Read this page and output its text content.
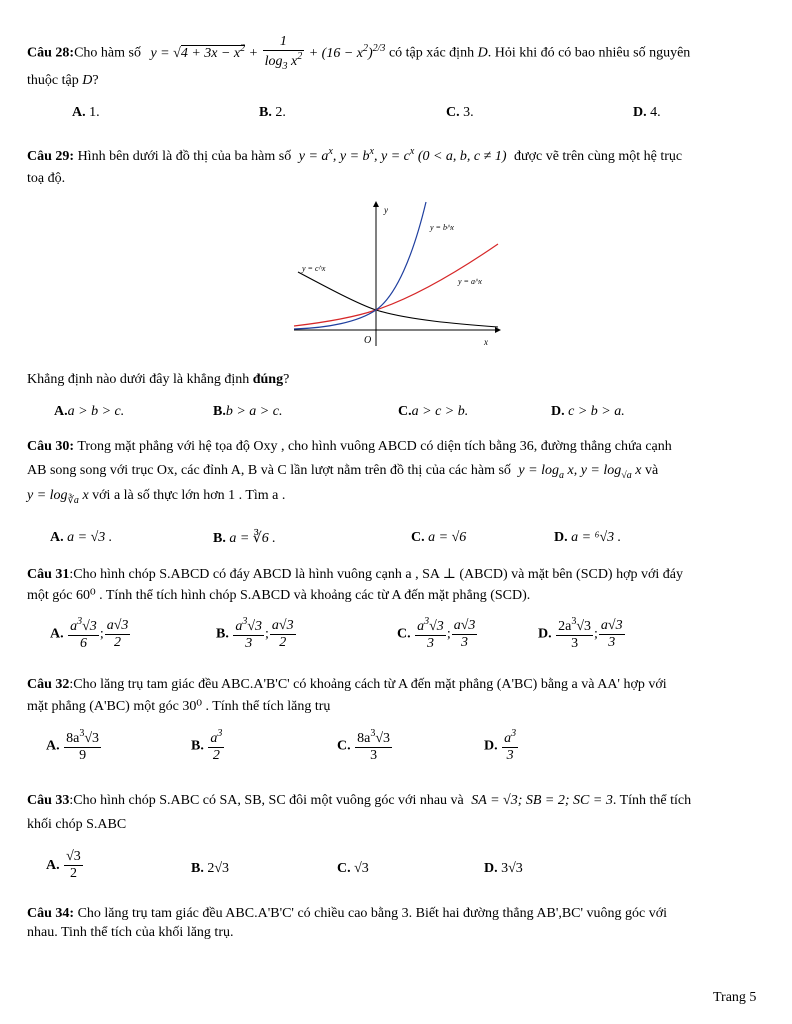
Câu 28:Cho hàm số $y = √4 + 3x - x^2 + \frac{1}{\log_3 x^2} + (16 - x^2)^{2/3}$ có tập xác định D. Hỏi khi đó có bao nhiêu số nguyên
thuộc tập D?
A. 1.	B. 2.	C. 3.	D. 4.
Câu 29: Hình bên dưới là đồ thị của ba hàm số $y = a^x$, $y = b^x$, $y = c^x$ (0 < a, b, c ≠ 1) được vẽ trên cùng một hệ trục
toạ độ.
y
x
O
y = b^x
y = c^x
y = a^x
Khẳng định nào dưới đây là khẳng định đúng?
A.a > b > c.	B.b > a > c.	C.a > c > b.	D. c > b > a.
Câu 30: Trong mặt phẳng với hệ tọa độ Oxy , cho hình vuông ABCD có diện tích bằng 36, đường thẳng chứa cạnh
AB song song với trục Ox, các đỉnh A, B và C lần lượt nằm trên đồ thị của các hàm số $y = \log_a x$, $y = \log_{√a} x$ và
$y = \log_{∛a} x$ với a là số thực lớn hơn 1 . Tìm a .
A. a = √3 .	B. a = ∛6 .	C. a = √6	D. a = ⁶√3 .
Câu 31:Cho hình chóp S.ABCD có đáy ABCD là hình vuông cạnh a , SA ⊥ (ABCD) và mặt bên (SCD) hợp với đáy
một góc 60⁰ . Tính thể tích hình chóp S.ABCD và khoảng các từ A đến mặt phẳng (SCD).
A. $\frac{a^3√3}{6}$ ; $\frac{a√3}{2}$	B. $\frac{a^3√3}{3}$ ; $\frac{a√3}{2}$	C. $\frac{a^3√3}{3}$ ; $\frac{a√3}{3}$	D. $\frac{2a^3√3}{3}$ ; $\frac{a√3}{3}$
Câu 32:Cho lăng trụ tam giác đều ABC.A'B'C' có khoảng cách từ A đến mặt phẳng (A'BC) bằng a và AA' hợp với
mặt phẳng (A'BC) một góc 30⁰ . Tính thể tích lăng trụ
A. $\frac{8a^3√3}{9}$	B. $\frac{a^3}{2}$	C. $\frac{8a^3√3}{3}$	D. $\frac{a^3}{3}$
Câu 33:Cho hình chóp S.ABC có SA, SB, SC đôi một vuông góc với nhau và SA = √3; SB = 2; SC = 3. Tính thể tích
khối chóp S.ABC
A. $\frac{√3}{2}$	B. 2√3	C. √3	D. 3√3
Câu 34: Cho lăng trụ tam giác đều ABC.A'B'C' có chiều cao bằng 3. Biết hai đường thẳng AB',BC' vuông góc với
nhau. Tinh thể tích của khối lăng trụ.
Trang 5
